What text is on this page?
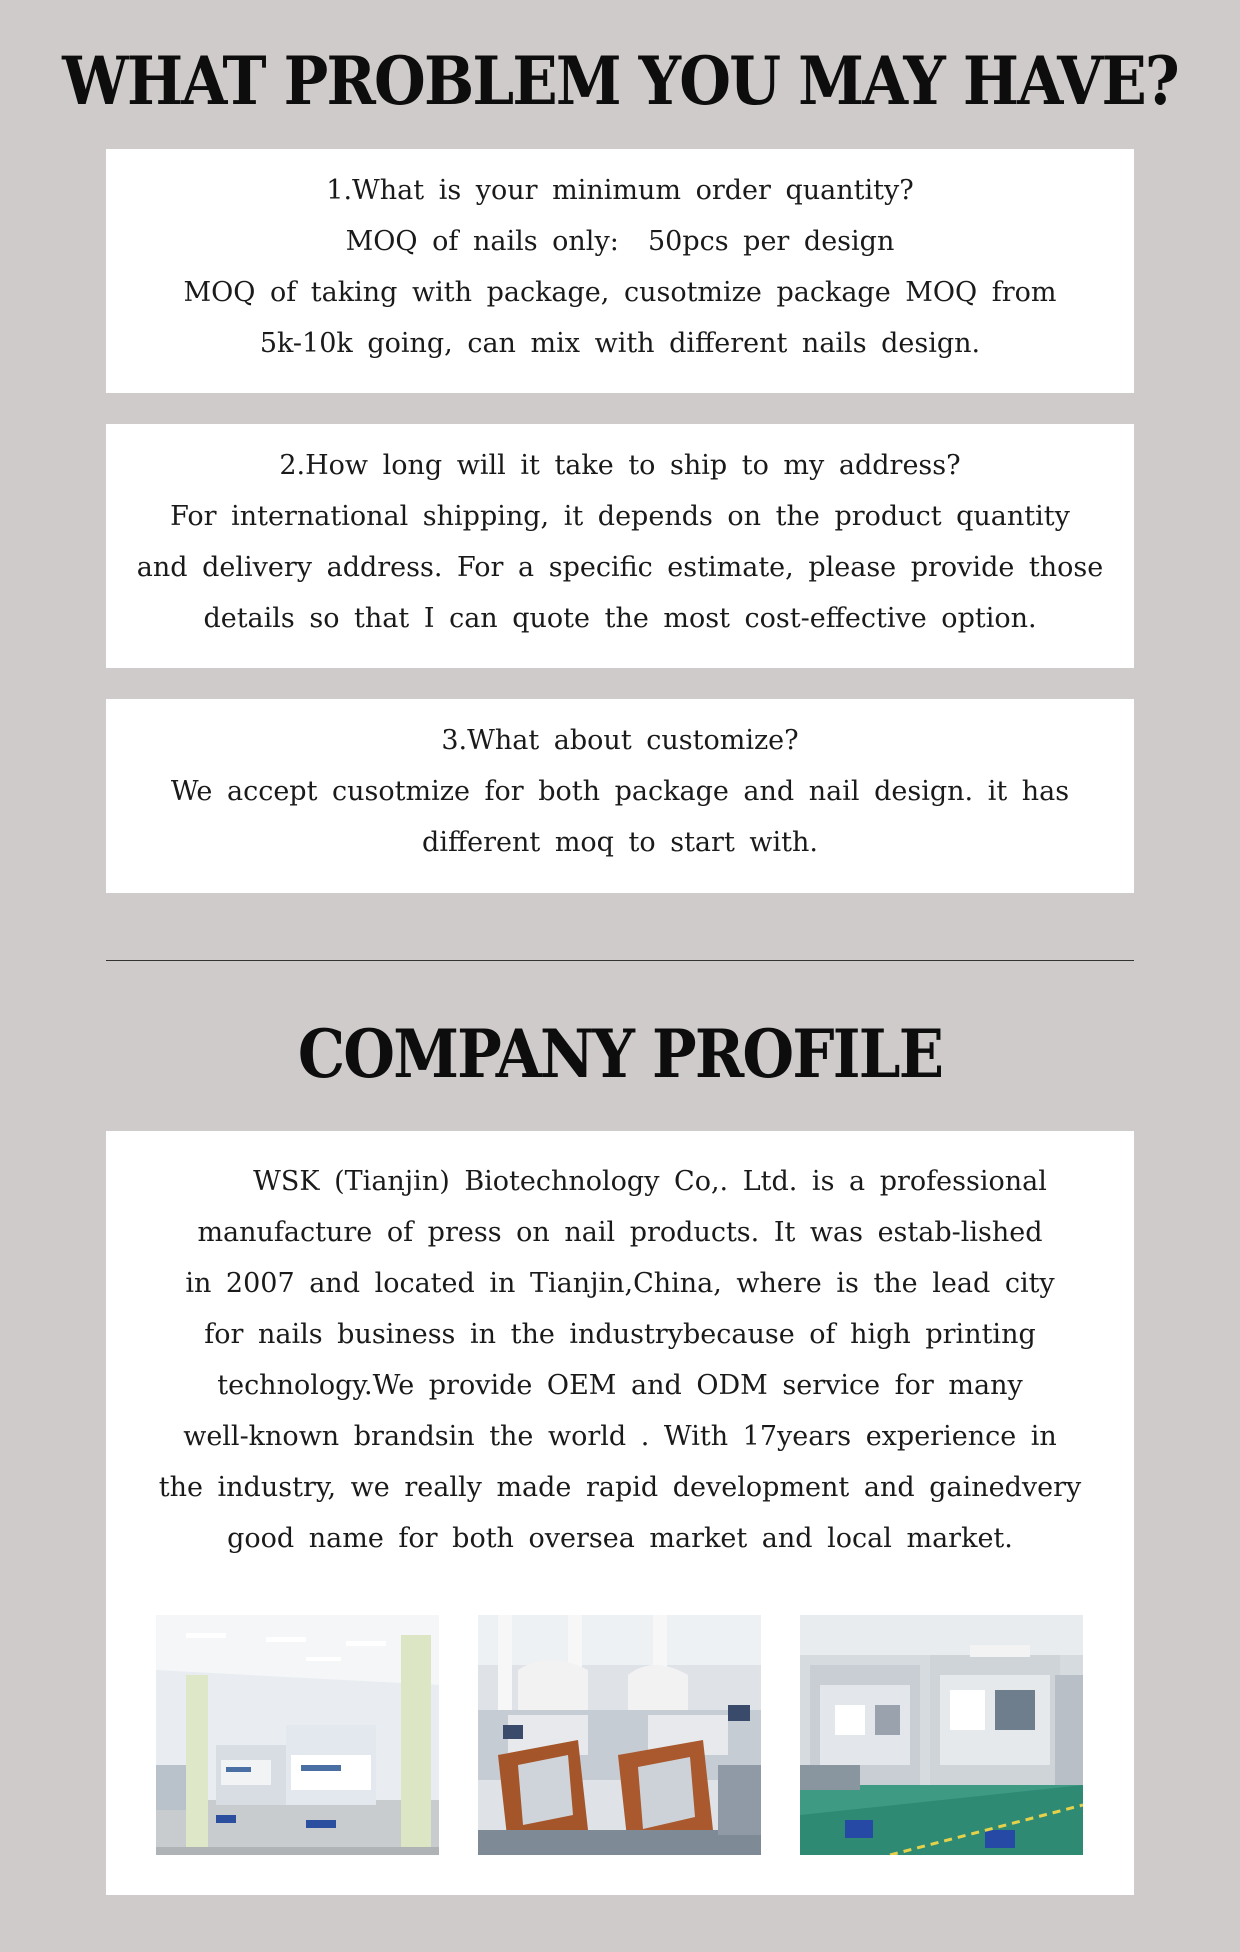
WHAT PROBLEM YOU MAY HAVE?

1.What is your minimum order quantity?

MOQ of nails only:  50pcs per design

MOQ of taking with package, cusotmize package MOQ from

5k-10k going, can mix with different nails design.

2.How long will it take to ship to my address?

For international shipping, it depends on the product quantity

and delivery address. For a specific estimate, please provide those

details so that I can quote the most cost-effective option.

3.What about customize?

We accept cusotmize for both package and nail design. it has

different moq to start with.

COMPANY PROFILE

WSK (Tianjin) Biotechnology Co,. Ltd. is a professional

manufacture of press on nail products. It was estab-lished

in 2007 and located in Tianjin,China, where is the lead city

for nails business in the industrybecause of high printing

technology.We provide OEM and ODM service for many

well-known brandsin the world . With 17years experience in

the industry, we really made rapid development and gainedvery

good name for both oversea market and local market.
